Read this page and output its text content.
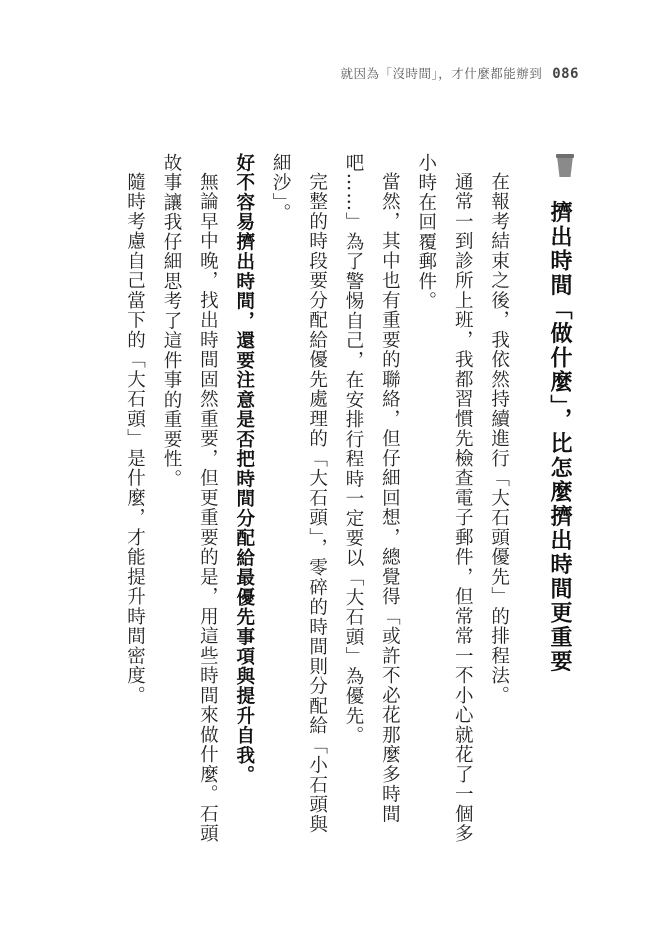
就因為「沒時間」，才什麼都能辦到 086
擠出時間「做什麼」，比怎麼擠出時間更重要

在報考結束之後，我依然持續進行「大石頭優先」的排程法。

通常一到診所上班，我都習慣先檢查電子郵件，但常常一不小心就花了一個多小時在回覆郵件。

當然，其中也有重要的聯絡，但仔細回想，總覺得「或許不必花那麼多時間吧……」為了警惕自己，在安排行程時一定要以「大石頭」為優先。

完整的時段要分配給優先處理的「大石頭」，零碎的時間則分配給「小石頭與細沙」。

好不容易擠出時間，還要注意是否把時間分配給最優先事項與提升自我。

無論早中晚，找出時間固然重要，但更重要的是，用這些時間來做什麼。石頭故事讓我仔細思考了這件事的重要性。

隨時考慮自己當下的「大石頭」是什麼，才能提升時間密度。
